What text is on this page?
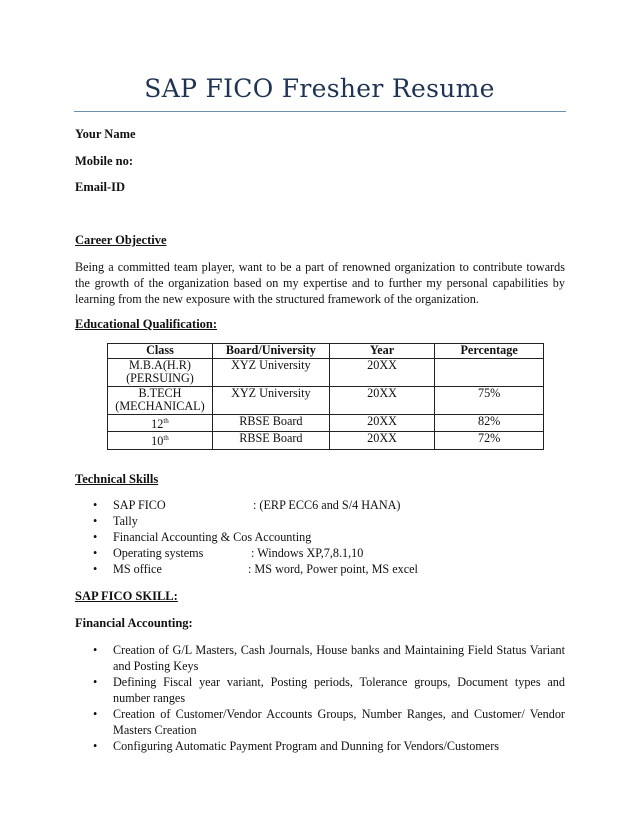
SAP FICO Fresher Resume
Your Name
Mobile no:
Email-ID
Career Objective
Being a committed team player, want to be a part of renowned organization to contribute towards the growth of the organization based on my expertise and to further my personal capabilities by learning from the new exposure with the structured framework of the organization.
Educational Qualification:
Class	Board/University	Year	Percentage
M.B.A(H.R)
(PERSUING)	XYZ University	20XX	
B.TECH
(MECHANICAL)	XYZ University	20XX	75%
12th	RBSE Board	20XX	82%
10th	RBSE Board	20XX	72%
Technical Skills
• SAP FICO	: (ERP ECC6 and S/4 HANA)
• Tally
• Financial Accounting & Cos Accounting
• Operating systems	: Windows XP,7,8.1,10
• MS office	: MS word, Power point, MS excel
SAP FICO SKILL:
Financial Accounting:
• Creation of G/L Masters, Cash Journals, House banks and Maintaining Field Status Variant and Posting Keys
• Defining Fiscal year variant, Posting periods, Tolerance groups, Document types and number ranges
• Creation of Customer/Vendor Accounts Groups, Number Ranges, and Customer/ Vendor Masters Creation
• Configuring Automatic Payment Program and Dunning for Vendors/Customers
